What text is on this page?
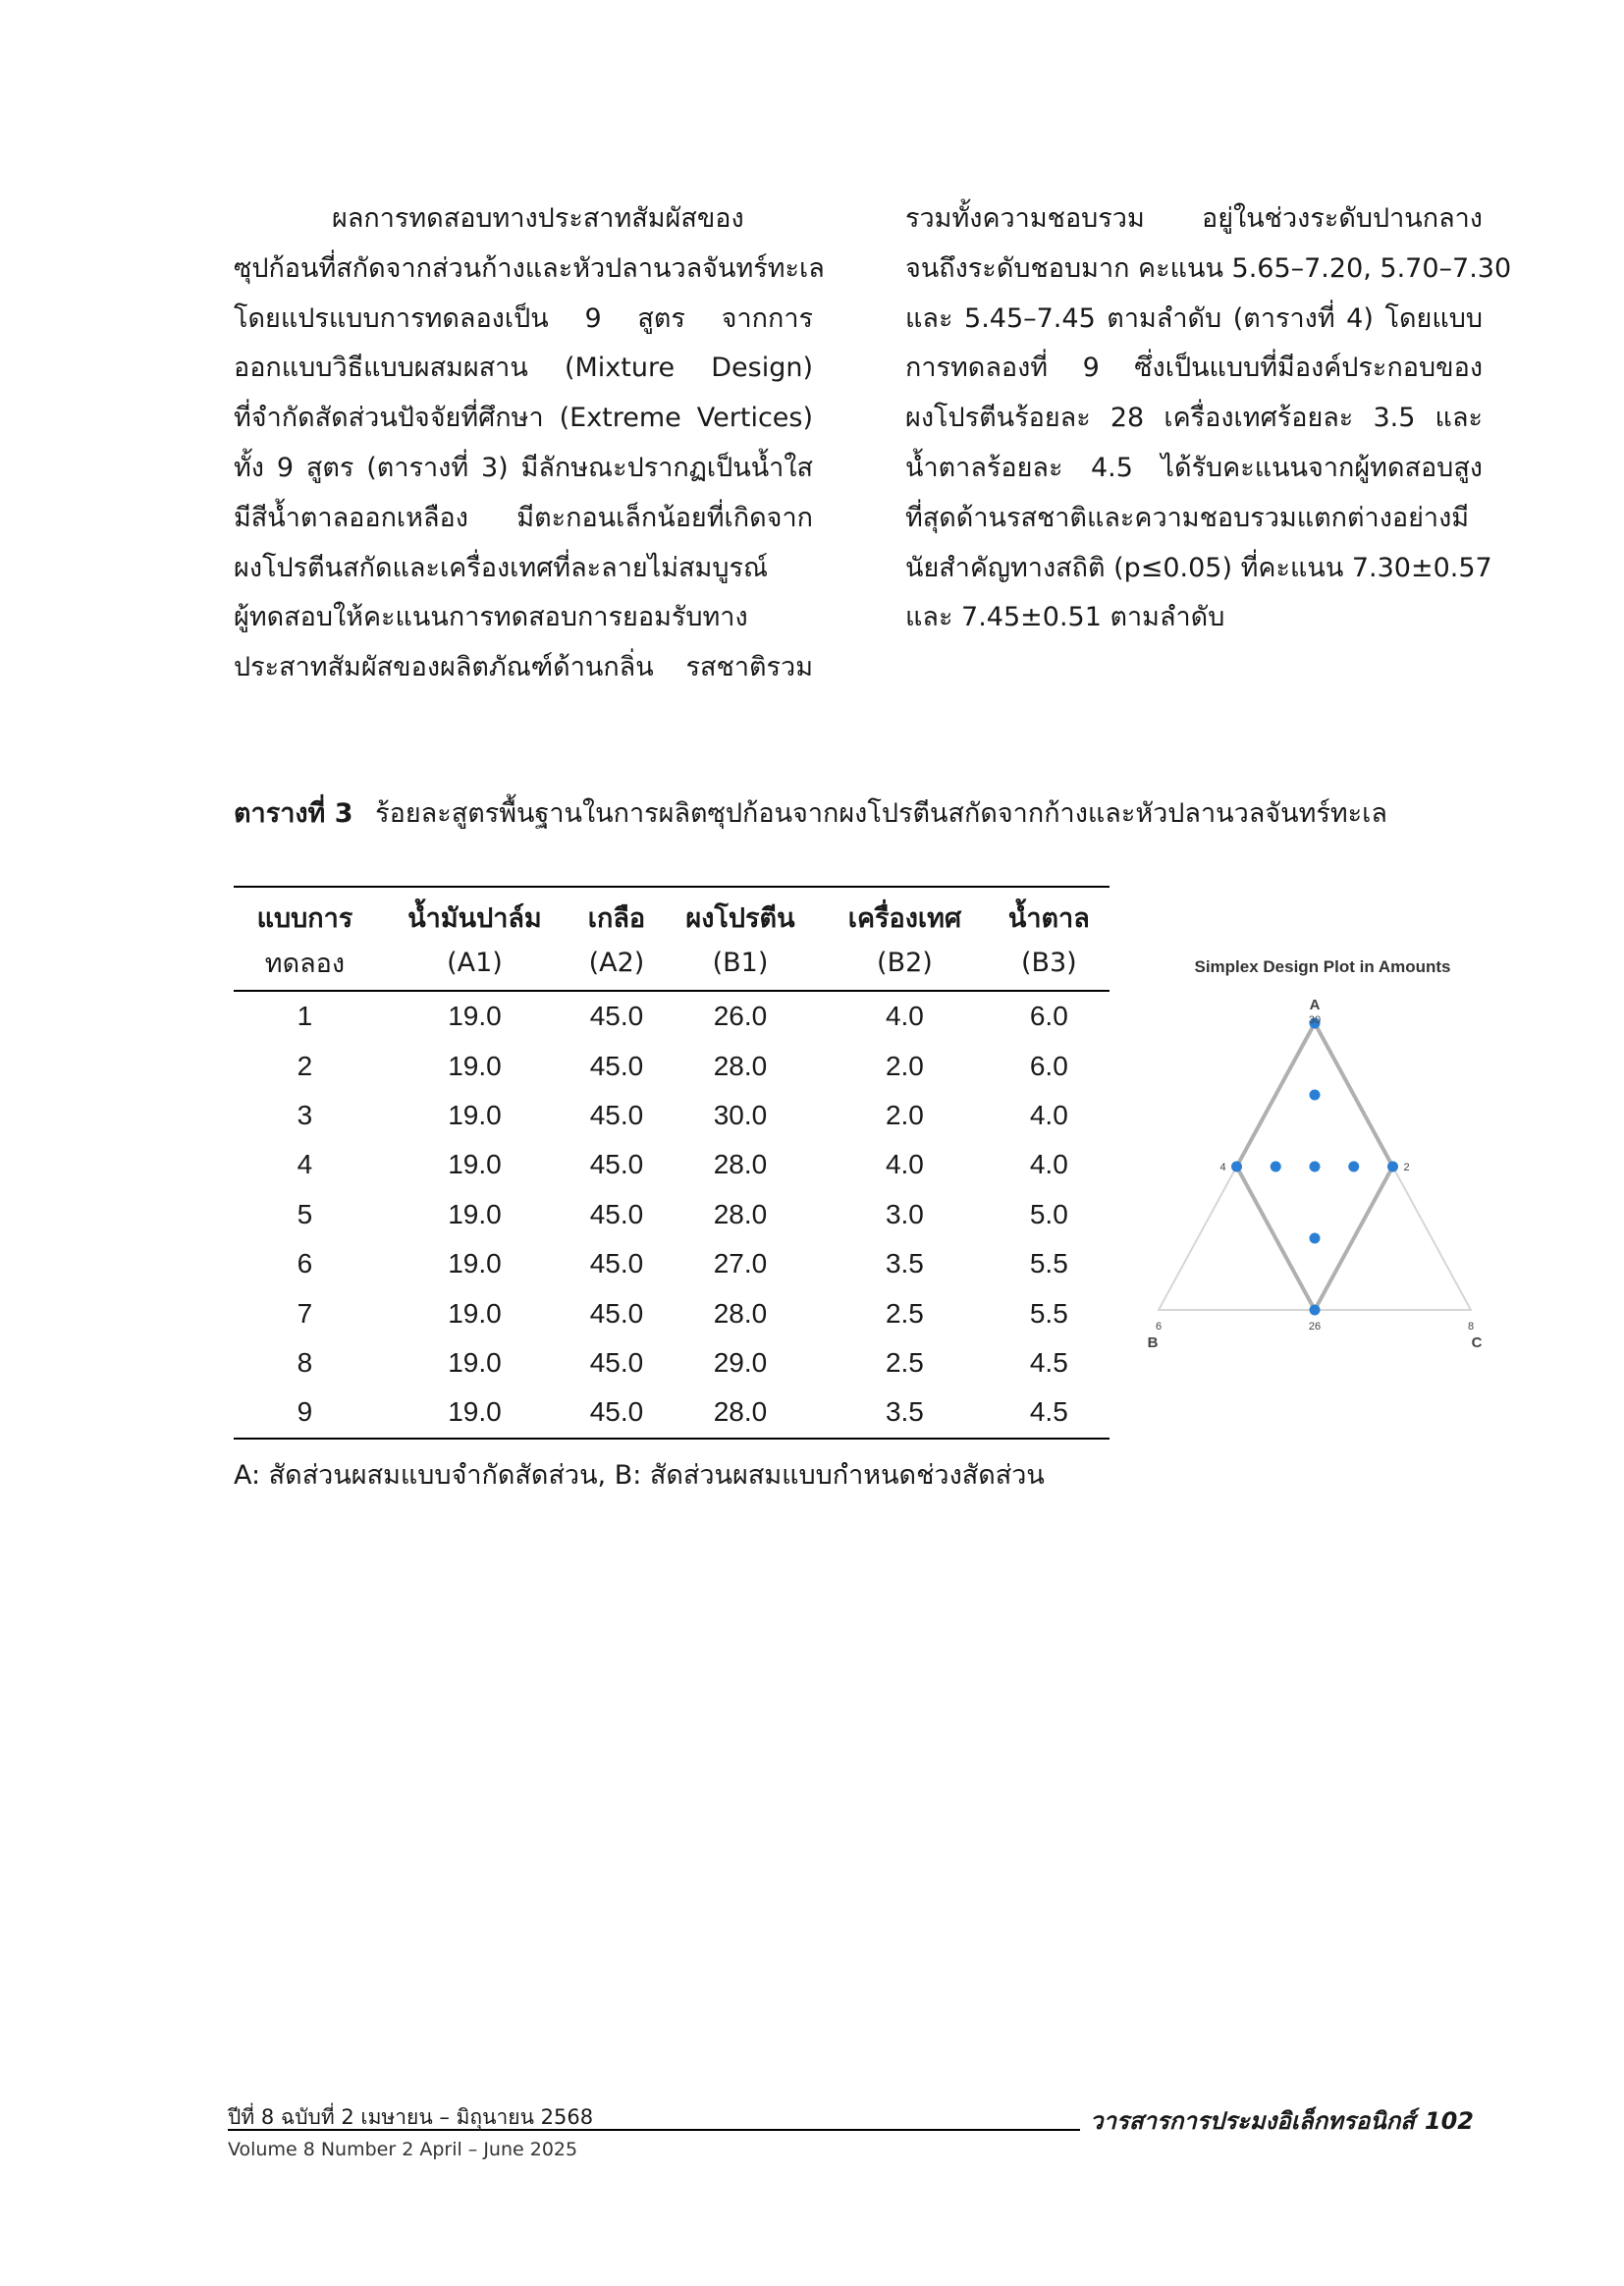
ผลการทดสอบทางประสาทสัมผัสของ
ซุปก้อนที่สกัดจากส่วนก้างและหัวปลานวลจันทร์ทะเล
โดยแปรแบบการทดลองเป็น 9 สูตร จากการ
ออกแบบวิธีแบบผสมผสาน (Mixture Design)
ที่จำกัดสัดส่วนปัจจัยที่ศึกษา (Extreme Vertices)
ทั้ง 9 สูตร (ตารางที่ 3) มีลักษณะปรากฏเป็นน้ำใส
มีสีน้ำตาลออกเหลือง มีตะกอนเล็กน้อยที่เกิดจาก
ผงโปรตีนสกัดและเครื่องเทศที่ละลายไม่สมบูรณ์
ผู้ทดสอบให้คะแนนการทดสอบการยอมรับทาง
ประสาทสัมผัสของผลิตภัณฑ์ด้านกลิ่น รสชาติรวม
รวมทั้งความชอบรวม อยู่ในช่วงระดับปานกลาง
จนถึงระดับชอบมาก คะแนน 5.65–7.20, 5.70–7.30
และ 5.45–7.45 ตามลำดับ (ตารางที่ 4) โดยแบบ
การทดลองที่ 9 ซึ่งเป็นแบบที่มีองค์ประกอบของ
ผงโปรตีนร้อยละ 28 เครื่องเทศร้อยละ 3.5 และ
น้ำตาลร้อยละ 4.5 ได้รับคะแนนจากผู้ทดสอบสูง
ที่สุดด้านรสชาติและความชอบรวมแตกต่างอย่างมี
นัยสำคัญทางสถิติ (p≤0.05) ที่คะแนน 7.30±0.57
และ 7.45±0.51 ตามลำดับ
ตารางที่ 3 ร้อยละสูตรพื้นฐานในการผลิตซุปก้อนจากผงโปรตีนสกัดจากก้างและหัวปลานวลจันทร์ทะเล
แบบการ	น้ำมันปาล์ม	เกลือ	ผงโปรตีน	เครื่องเทศ	น้ำตาล
ทดลอง	(A1)	(A2)	(B1)	(B2)	(B3)
1	19.0	45.0	26.0	4.0	6.0
2	19.0	45.0	28.0	2.0	6.0
3	19.0	45.0	30.0	2.0	4.0
4	19.0	45.0	28.0	4.0	4.0
5	19.0	45.0	28.0	3.0	5.0
6	19.0	45.0	27.0	3.5	5.5
7	19.0	45.0	28.0	2.5	5.5
8	19.0	45.0	29.0	2.5	4.5
9	19.0	45.0	28.0	3.5	4.5
A: สัดส่วนผสมแบบจำกัดสัดส่วน, B: สัดส่วนผสมแบบกำหนดช่วงสัดส่วน
Simplex Design Plot in Amounts
A
30
4	2
6	26	8
B	C
ปีที่ 8 ฉบับที่ 2 เมษายน – มิถุนายน 2568
Volume 8 Number 2 April – June 2025
วารสารการประมงอิเล็กทรอนิกส์ 102
